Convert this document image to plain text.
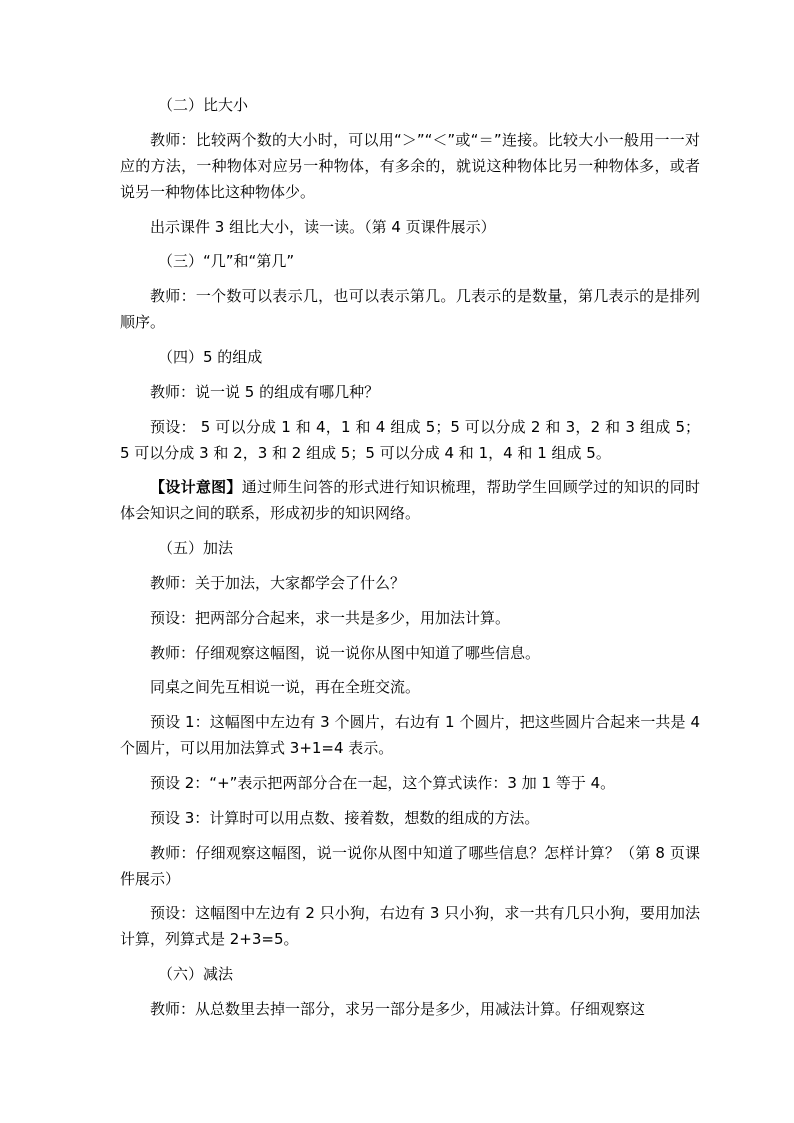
（二）比大小

教师：比较两个数的大小时，可以用“＞”“＜”或“＝”连接。比较大小一般用一一对应的方法，一种物体对应另一种物体，有多余的，就说这种物体比另一种物体多，或者说另一种物体比这种物体少。

出示课件 3 组比大小，读一读。（第 4 页课件展示）

（三）“几”和“第几”

教师：一个数可以表示几，也可以表示第几。几表示的是数量，第几表示的是排列顺序。

（四）5 的组成

教师：说一说 5 的组成有哪几种？

预设： 5 可以分成 1 和 4，1 和 4 组成 5；5 可以分成 2 和 3，2 和 3 组成 5；5 可以分成 3 和 2，3 和 2 组成 5；5 可以分成 4 和 1，4 和 1 组成 5。

【设计意图】通过师生问答的形式进行知识梳理，帮助学生回顾学过的知识的同时体会知识之间的联系，形成初步的知识网络。

（五）加法

教师：关于加法，大家都学会了什么？

预设：把两部分合起来，求一共是多少，用加法计算。

教师：仔细观察这幅图，说一说你从图中知道了哪些信息。

同桌之间先互相说一说，再在全班交流。

预设 1：这幅图中左边有 3 个圆片，右边有 1 个圆片，把这些圆片合起来一共是 4 个圆片，可以用加法算式 3+1=4 表示。

预设 2：“+”表示把两部分合在一起，这个算式读作：3 加 1 等于 4。

预设 3：计算时可以用点数、接着数，想数的组成的方法。

教师：仔细观察这幅图，说一说你从图中知道了哪些信息？怎样计算？（第 8 页课件展示）

预设：这幅图中左边有 2 只小狗，右边有 3 只小狗，求一共有几只小狗，要用加法计算，列算式是 2+3=5。

（六）减法

教师：从总数里去掉一部分，求另一部分是多少，用减法计算。仔细观察这
